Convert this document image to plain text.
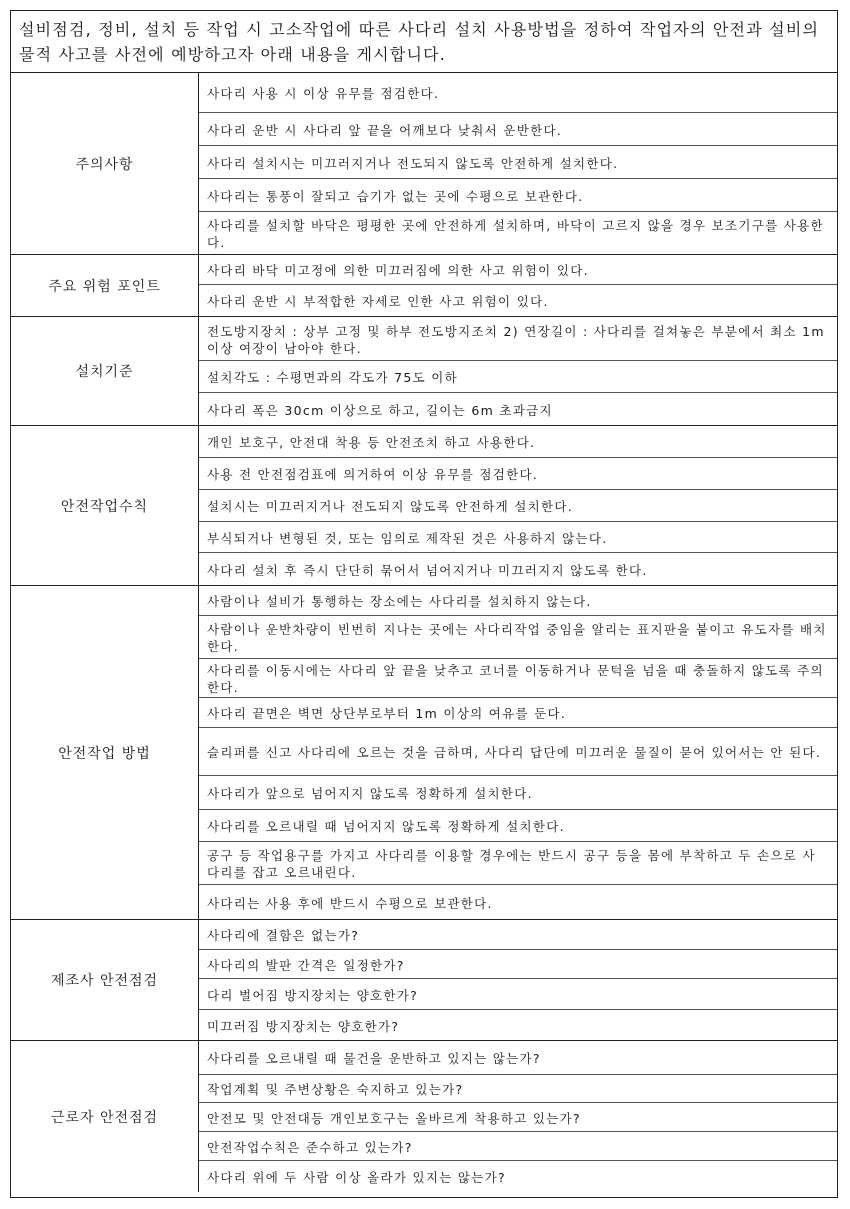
설비점검, 정비, 설치 등 작업 시 고소작업에 따른 사다리 설치 사용방법을 정하여 작업자의 안전과 설비의 물적 사고를 사전에 예방하고자 아래 내용을 게시합니다.
주의사항
사다리 사용 시 이상 유무를 점검한다.
사다리 운반 시 사다리 앞 끝을 어깨보다 낮춰서 운반한다.
사다리 설치시는 미끄러지거나 전도되지 않도록 안전하게 설치한다.
사다리는 통풍이 잘되고 습기가 없는 곳에 수평으로 보관한다.
사다리를 설치할 바닥은 평평한 곳에 안전하게 설치하며, 바닥이 고르지 않을 경우 보조기구를 사용한다.
주요 위험 포인트
사다리 바닥 미고정에 의한 미끄러짐에 의한 사고 위험이 있다.
사다리 운반 시 부적합한 자세로 인한 사고 위험이 있다.
설치기준
전도방지장치 : 상부 고정 및 하부 전도방지조치 2) 연장길이 : 사다리를 걸쳐놓은 부분에서 최소 1m 이상 여장이 남아야 한다.
설치각도 : 수평면과의 각도가 75도 이하
사다리 폭은 30cm 이상으로 하고, 길이는 6m 초과금지
안전작업수칙
개인 보호구, 안전대 착용 등 안전조치 하고 사용한다.
사용 전 안전점검표에 의거하여 이상 유무를 점검한다.
설치시는 미끄러지거나 전도되지 않도록 안전하게 설치한다.
부식되거나 변형된 것, 또는 임의로 제작된 것은 사용하지 않는다.
사다리 설치 후 즉시 단단히 묶어서 넘어지거나 미끄러지지 않도록 한다.
안전작업 방법
사람이나 설비가 통행하는 장소에는 사다리를 설치하지 않는다.
사람이나 운반차량이 빈번히 지나는 곳에는 사다리작업 중임을 알리는 표지판을 붙이고 유도자를 배치한다.
사다리를 이동시에는 사다리 앞 끝을 낮추고 코너를 이동하거나 문턱을 넘을 때 충돌하지 않도록 주의한다.
사다리 끝면은 벽면 상단부로부터 1m 이상의 여유를 둔다.
슬리퍼를 신고 사다리에 오르는 것을 금하며, 사다리 답단에 미끄러운 물질이 묻어 있어서는 안 된다.
사다리가 앞으로 넘어지지 않도록 정확하게 설치한다.
사다리를 오르내릴 때 넘어지지 않도록 정확하게 설치한다.
공구 등 작업용구를 가지고 사다리를 이용할 경우에는 반드시 공구 등을 몸에 부착하고 두 손으로 사다리를 잡고 오르내린다.
사다리는 사용 후에 반드시 수평으로 보관한다.
제조사 안전점검
사다리에 결함은 없는가?
사다리의 발판 간격은 일정한가?
다리 벌어짐 방지장치는 양호한가?
미끄러짐 방지장치는 양호한가?
근로자 안전점검
사다리를 오르내릴 때 물건을 운반하고 있지는 않는가?
작업계획 및 주변상황은 숙지하고 있는가?
안전모 및 안전대등 개인보호구는 올바르게 착용하고 있는가?
안전작업수칙은 준수하고 있는가?
사다리 위에 두 사람 이상 올라가 있지는 않는가?
